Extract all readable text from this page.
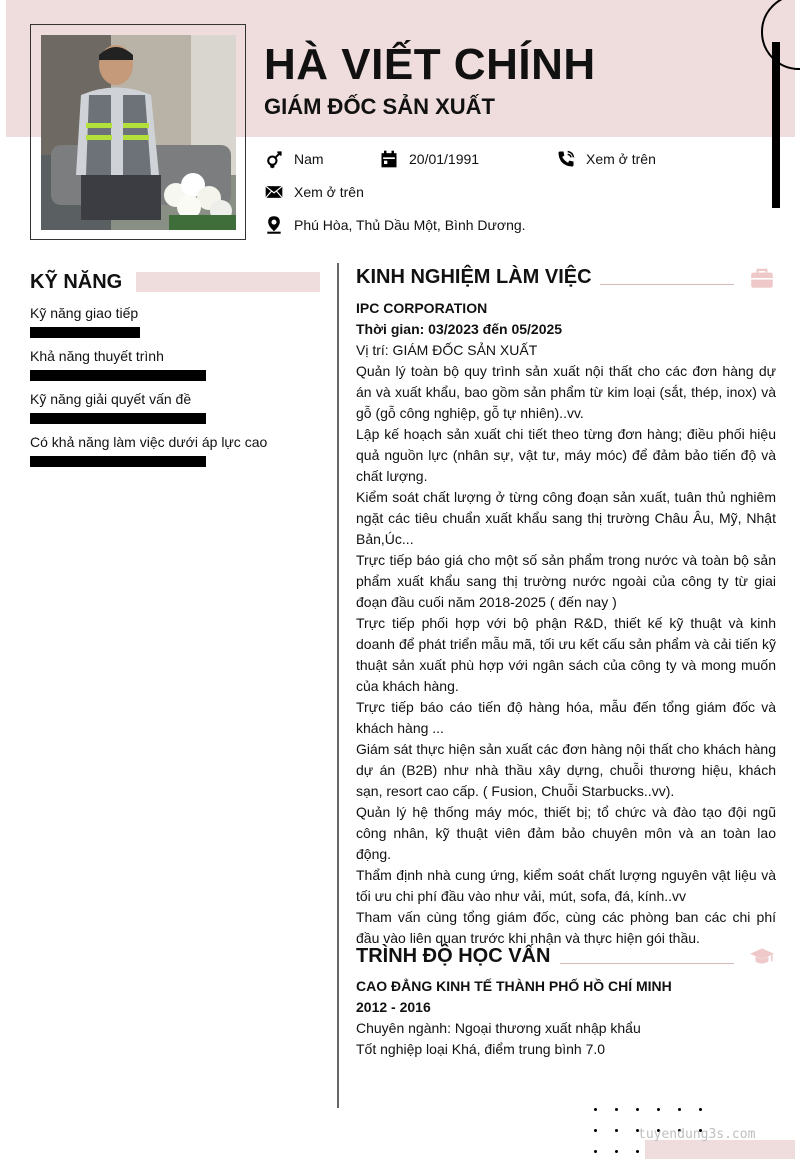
HÀ VIẾT CHÍNH
GIÁM ĐỐC SẢN XUẤT
Nam	20/01/1991	Xem ở trên
Xem ở trên
Phú Hòa, Thủ Dầu Một, Bình Dương.
KỸ NĂNG
Kỹ năng giao tiếp
Khả năng thuyết trình
Kỹ năng giải quyết vấn đề
Có khả năng làm việc dưới áp lực cao
KINH NGHIỆM LÀM VIỆC
IPC CORPORATION
Thời gian: 03/2023 đến 05/2025
Vị trí: GIÁM ĐỐC SẢN XUẤT

Quản lý toàn bộ quy trình sản xuất nội thất cho các đơn hàng dự án và xuất khẩu, bao gồm sản phẩm từ kim loại (sắt, thép, inox) và gỗ (gỗ công nghiệp, gỗ tự nhiên)..vv.

Lập kế hoạch sản xuất chi tiết theo từng đơn hàng; điều phối hiệu quả nguồn lực (nhân sự, vật tư, máy móc) để đảm bảo tiến độ và chất lượng.

Kiểm soát chất lượng ở từng công đoạn sản xuất, tuân thủ nghiêm ngặt các tiêu chuẩn xuất khẩu sang thị trường Châu Âu, Mỹ, Nhật Bản,Úc...

Trực tiếp báo giá cho một số sản phẩm trong nước và toàn bộ sản phẩm xuất khẩu sang thị trường nước ngoài của công ty từ giai đoạn đầu cuối năm 2018-2025 ( đến nay )

Trực tiếp phối hợp với bộ phận R&D, thiết kế kỹ thuật và kinh doanh để phát triển mẫu mã, tối ưu kết cấu sản phẩm và cải tiến kỹ thuật sản xuất phù hợp với ngân sách của công ty và mong muốn của khách hàng.

Trực tiếp báo cáo tiến độ hàng hóa, mẫu đến tổng giám đốc và khách hàng ...

Giám sát thực hiện sản xuất các đơn hàng nội thất cho khách hàng dự án (B2B) như nhà thầu xây dựng, chuỗi thương hiệu, khách sạn, resort cao cấp. ( Fusion, Chuỗi Starbucks..vv).

Quản lý hệ thống máy móc, thiết bị; tổ chức và đào tạo đội ngũ công nhân, kỹ thuật viên đảm bảo chuyên môn và an toàn lao động.

Thẩm định nhà cung ứng, kiểm soát chất lượng nguyên vật liệu và tối ưu chi phí đầu vào như vải, mút, sofa, đá, kính..vv

Tham vấn cùng tổng giám đốc, cùng các phòng ban các chi phí đầu vào liên quan trước khi nhận và thực hiện gói thầu.

TRÌNH ĐỘ HỌC VẤN
CAO ĐẲNG KINH TẾ THÀNH PHỐ HỒ CHÍ MINH
2012 - 2016
Chuyên ngành: Ngoại thương xuất nhập khẩu
Tốt nghiệp loại Khá, điểm trung bình 7.0
tuyendung3s.com
